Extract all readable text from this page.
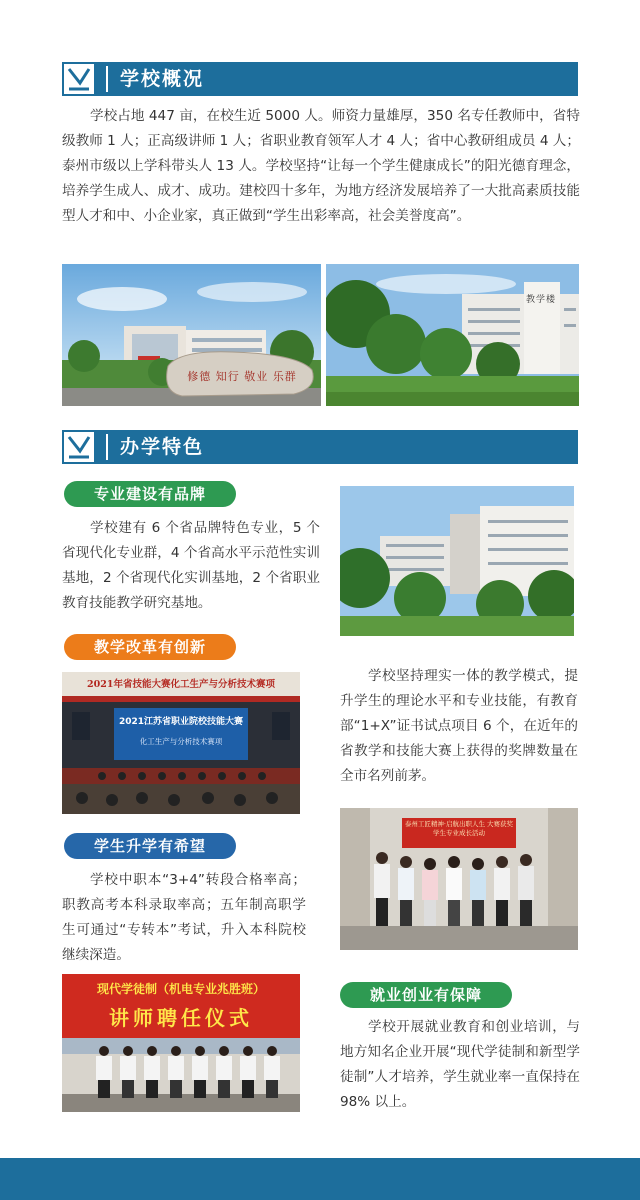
学校概况
学校占地 447 亩，在校生近 5000 人。师资力量雄厚，350 名专任教师中，省特级教师 1 人；正高级讲师 1 人；省职业教育领军人才 4 人；省中心教研组成员 4 人；泰州市级以上学科带头人 13 人。学校坚持“让每一个学生健康成长”的阳光德育理念，培养学生成人、成才、成功。建校四十多年，为地方经济发展培养了一大批高素质技能型人才和中、小企业家，真正做到“学生出彩率高，社会美誉度高”。
修德 知行 敬业 乐群
教学楼
办学特色
专业建设有品牌
学校建有 6 个省品牌特色专业，5 个省现代化专业群，4 个省高水平示范性实训基地，2 个省现代化实训基地，2 个省职业教育技能教学研究基地。
教学改革有创新
2021年省技能大赛化工生产与分析技术赛项
2021江苏省职业院校技能大赛
化工生产与分析技术赛项
学校坚持理实一体的教学模式，提升学生的理论水平和专业技能，有教育部“1+X”证书试点项目 6 个，在近年的省教学和技能大赛上获得的奖牌数量在全市名列前茅。
学生升学有希望
学校中职本“3+4”转段合格率高；职教高考本科录取率高；五年制高职学生可通过“专转本”考试，升入本科院校继续深造。
泰州工匠精神·启航出职人生 大赛获奖学生专业成长活动
就业创业有保障
学校开展就业教育和创业培训，与地方知名企业开展“现代学徒制和新型学徒制”人才培养，学生就业率一直保持在 98% 以上。
现代学徒制（机电专业兆胜班）
讲师聘任仪式
